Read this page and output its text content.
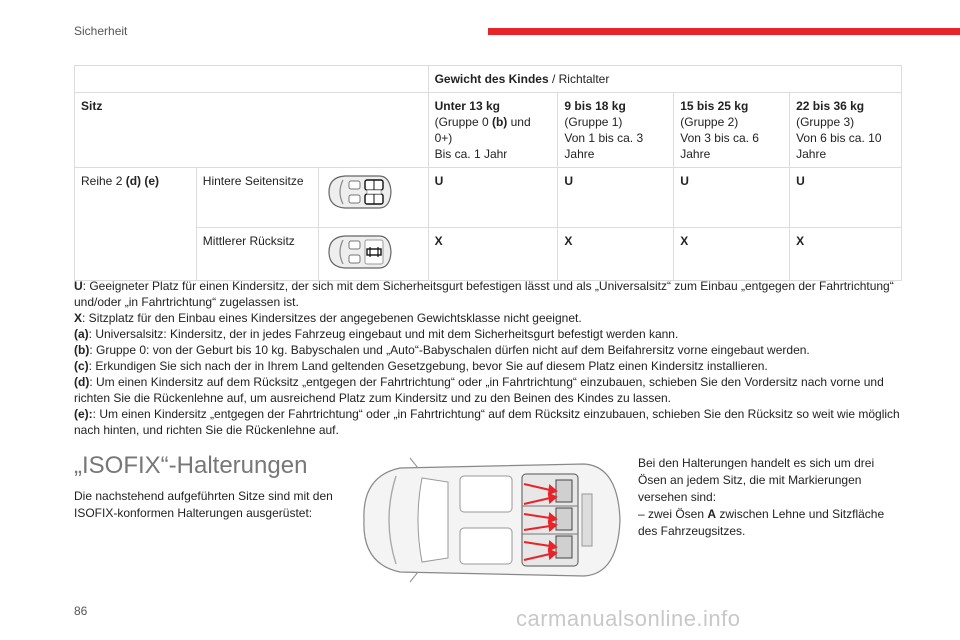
Sicherheit
			Gewicht des Kindes / Richtalter			
Sitz			Unter 13 kg
(Gruppe 0 (b) und
0+)
Bis ca. 1 Jahr	9 bis 18 kg
(Gruppe 1)
Von 1 bis ca. 3
Jahre	15 bis 25 kg
(Gruppe 2)
Von 3 bis ca. 6
Jahre	22 bis 36 kg
(Gruppe 3)
Von 6 bis ca. 10
Jahre
Reihe 2 (d) (e)	Hintere Seitensitze		U	U	U	U
	Mittlerer Rücksitz		X	X	X	X

U: Geeigneter Platz für einen Kindersitz, der sich mit dem Sicherheitsgurt befestigen lässt und als „Universalsitz“ zum Einbau „entgegen der Fahrtrichtung“ und/oder „in Fahrtrichtung“ zugelassen ist.

X: Sitzplatz für den Einbau eines Kindersitzes der angegebenen Gewichtsklasse nicht geeignet.

(a): Universalsitz: Kindersitz, der in jedes Fahrzeug eingebaut und mit dem Sicherheitsgurt befestigt werden kann.

(b): Gruppe 0: von der Geburt bis 10 kg. Babyschalen und „Auto“-Babyschalen dürfen nicht auf dem Beifahrersitz vorne eingebaut werden.

(c): Erkundigen Sie sich nach der in Ihrem Land geltenden Gesetzgebung, bevor Sie auf diesem Platz einen Kindersitz installieren.

(d): Um einen Kindersitz auf dem Rücksitz „entgegen der Fahrtrichtung“ oder „in Fahrtrichtung“ einzubauen, schieben Sie den Vordersitz nach vorne und richten Sie die Rückenlehne auf, um ausreichend Platz zum Kindersitz und zu den Beinen des Kindes zu lassen.

(e):: Um einen Kindersitz „entgegen der Fahrtrichtung“ oder „in Fahrtrichtung“ auf dem Rücksitz einzubauen, schieben Sie den Rücksitz so weit wie möglich nach hinten, und richten Sie die Rückenlehne auf.

„ISOFIX“-Halterungen
Die nachstehend aufgeführten Sitze sind mit den ISOFIX-konformen Halterungen ausgerüstet:

Bei den Halterungen handelt es sich um drei Ösen an jedem Sitz, die mit Markierungen versehen sind:

– zwei Ösen A zwischen Lehne und Sitzfläche des Fahrzeugsitzes.

86	carmanualsonline.info
